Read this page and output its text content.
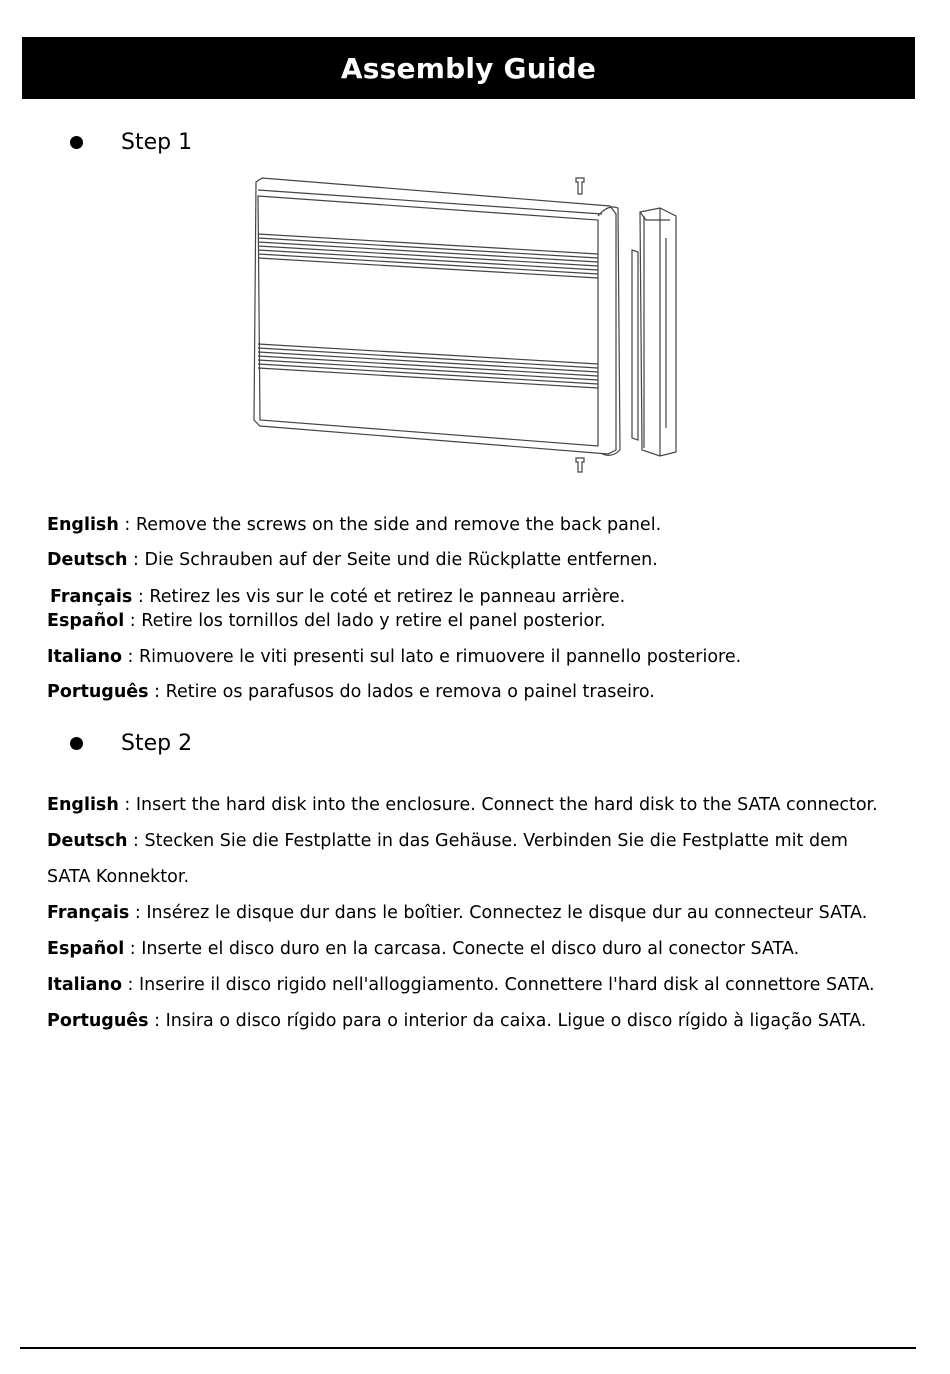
Assembly Guide
Step 1
English : Remove the screws on the side and remove the back panel.
Deutsch : Die Schrauben auf der Seite und die Rückplatte entfernen.
Français : Retirez les vis sur le coté et retirez le panneau arrière.
Español : Retire los tornillos del lado y retire el panel posterior.
Italiano : Rimuovere le viti presenti sul lato e rimuovere il pannello posteriore.
Português : Retire os parafusos do lados e remova o painel traseiro.
Step 2
English : Insert the hard disk into the enclosure. Connect the hard disk to the SATA connector.
Deutsch : Stecken Sie die Festplatte in das Gehäuse. Verbinden Sie die Festplatte mit dem
SATA Konnektor.
Français : Insérez le disque dur dans le boîtier. Connectez le disque dur au connecteur SATA.
Español : Inserte el disco duro en la carcasa. Conecte el disco duro al conector SATA.
Italiano : Inserire il disco rigido nell'alloggiamento. Connettere l'hard disk al connettore SATA.
Português : Insira o disco rígido para o interior da caixa. Ligue o disco rígido à ligação SATA.
